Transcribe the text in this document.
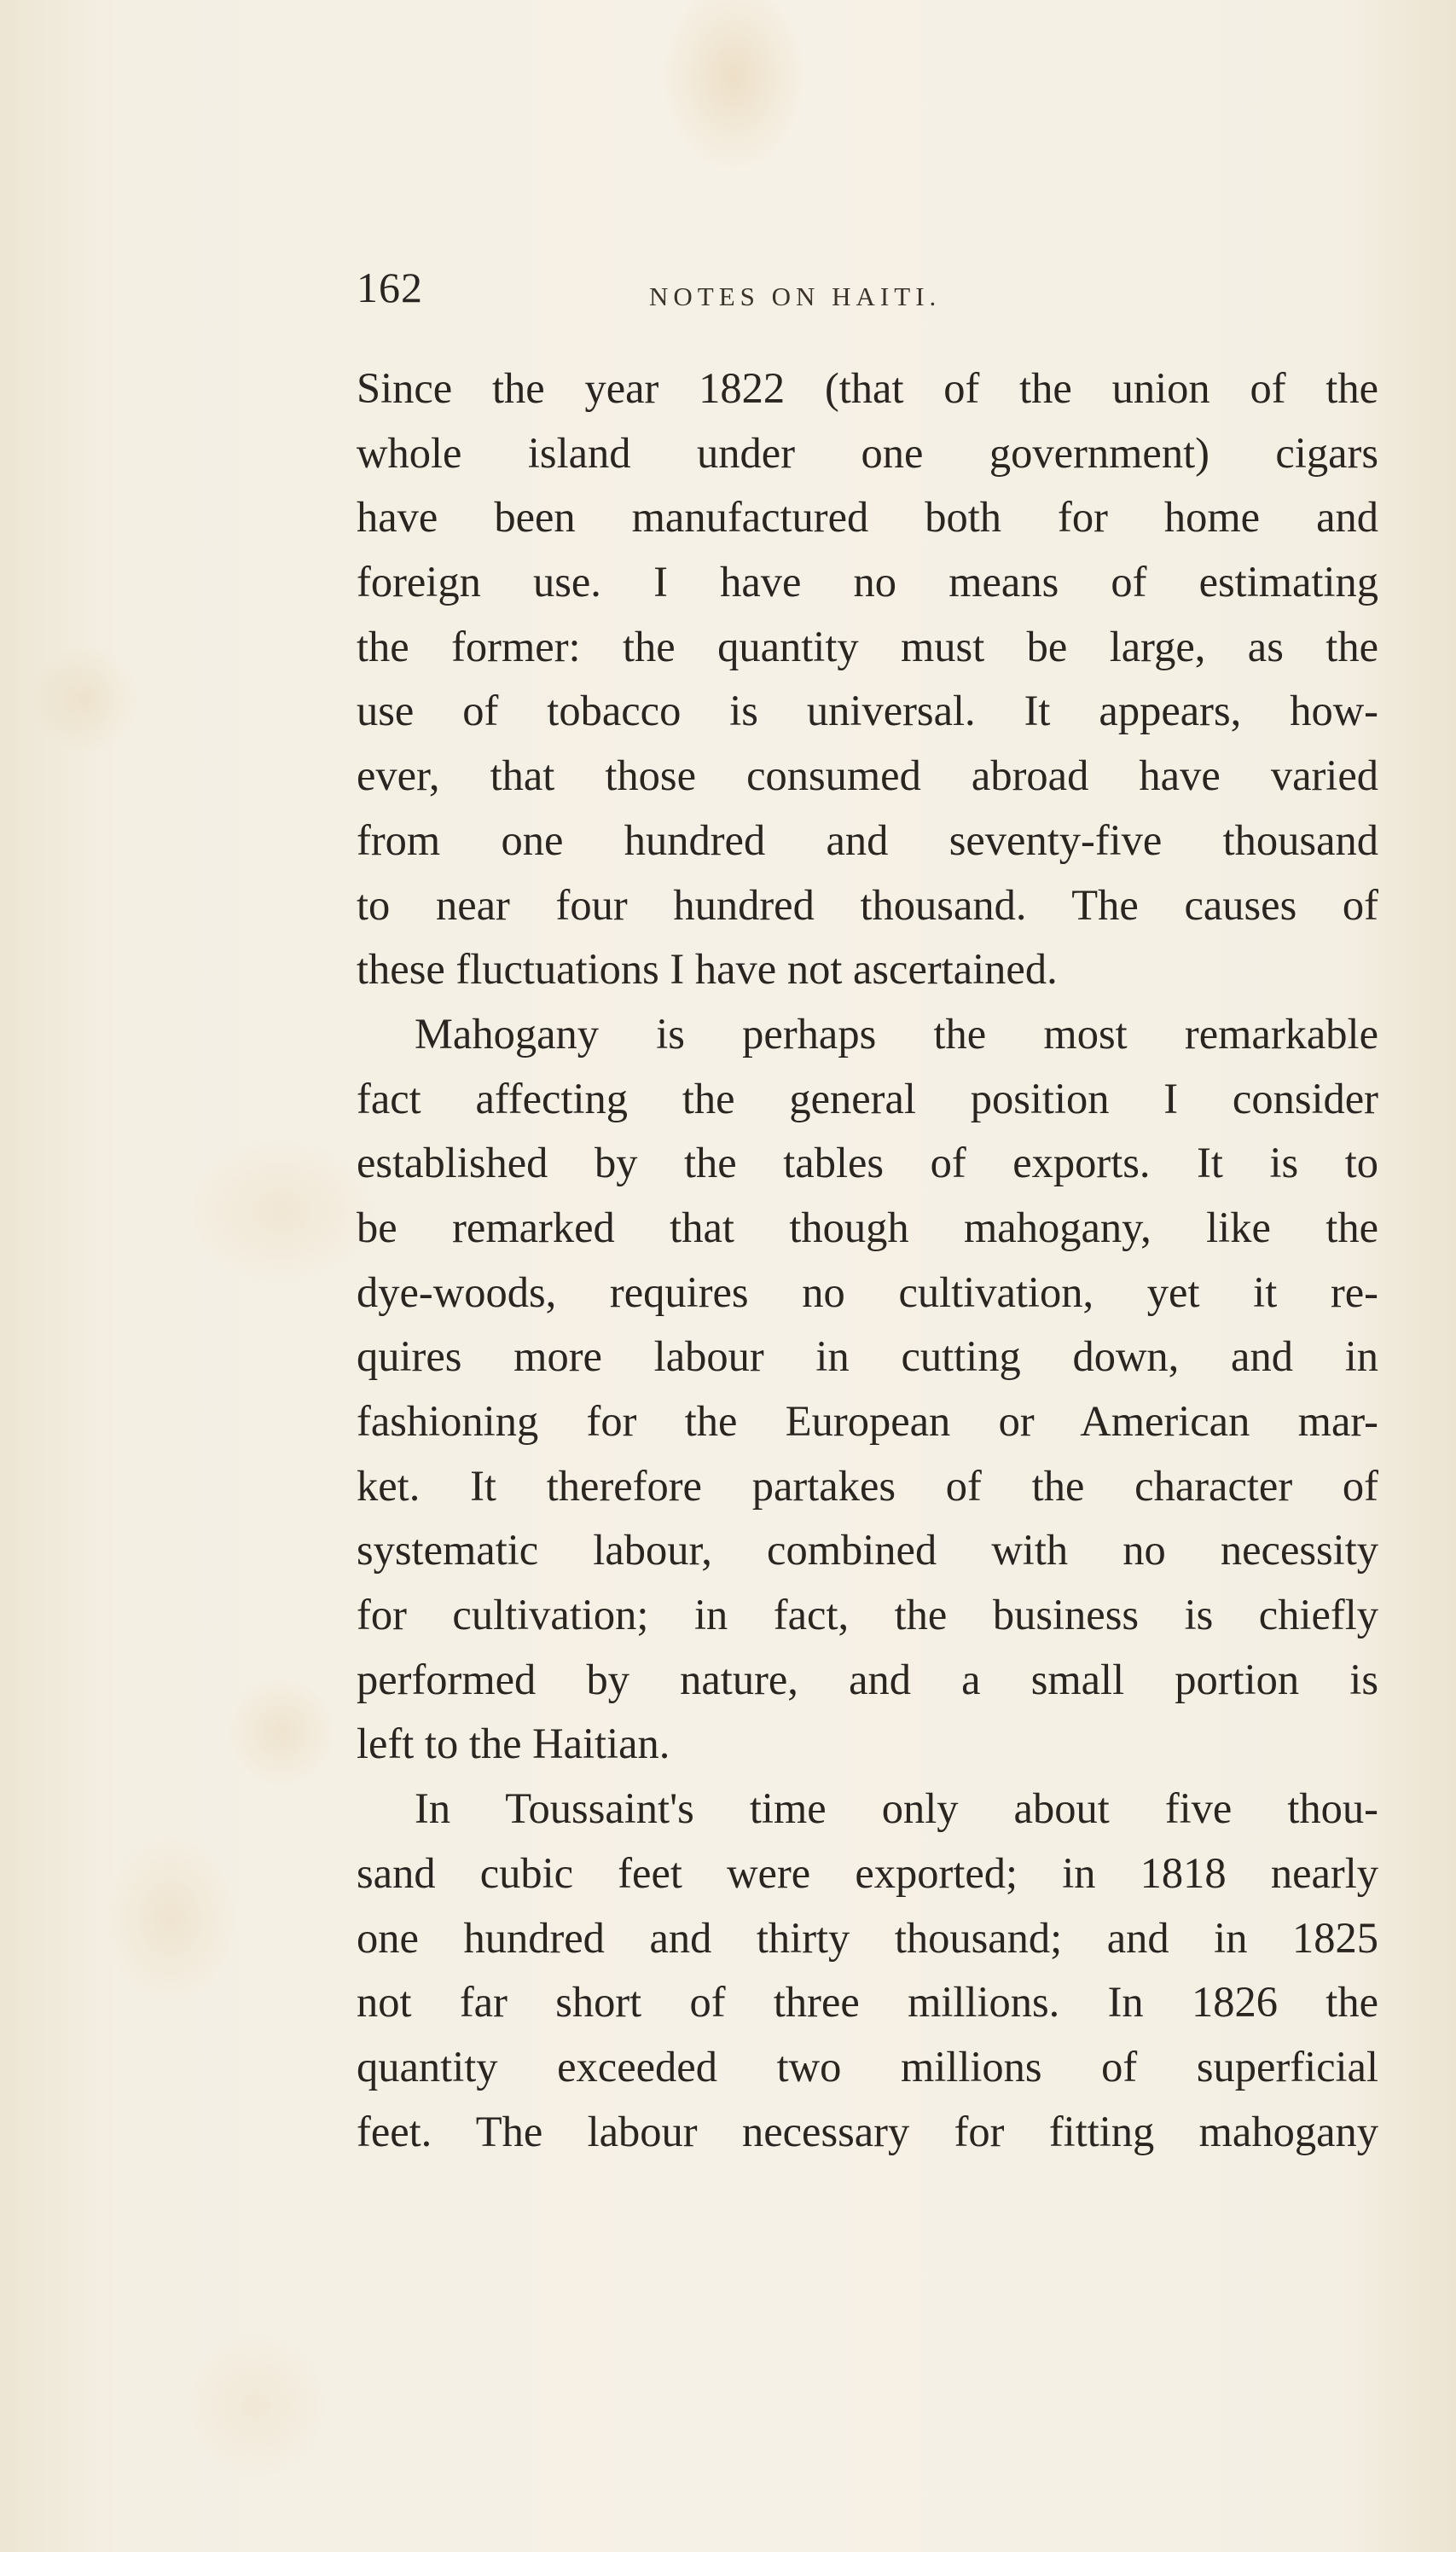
162	NOTES ON HAITI.
Since the year 1822 (that of the union of the
whole island under one government) cigars
have been manufactured both for home and
foreign use. I have no means of estimating
the former: the quantity must be large, as the
use of tobacco is universal. It appears, how-
ever, that those consumed abroad have varied
from one hundred and seventy-five thousand
to near four hundred thousand. The causes of
these fluctuations I have not ascertained.
Mahogany is perhaps the most remarkable
fact affecting the general position I consider
established by the tables of exports. It is to
be remarked that though mahogany, like the
dye-woods, requires no cultivation, yet it re-
quires more labour in cutting down, and in
fashioning for the European or American mar-
ket. It therefore partakes of the character of
systematic labour, combined with no necessity
for cultivation; in fact, the business is chiefly
performed by nature, and a small portion is
left to the Haitian.
In Toussaint's time only about five thou-
sand cubic feet were exported; in 1818 nearly
one hundred and thirty thousand; and in 1825
not far short of three millions. In 1826 the
quantity exceeded two millions of superficial
feet. The labour necessary for fitting mahogany
